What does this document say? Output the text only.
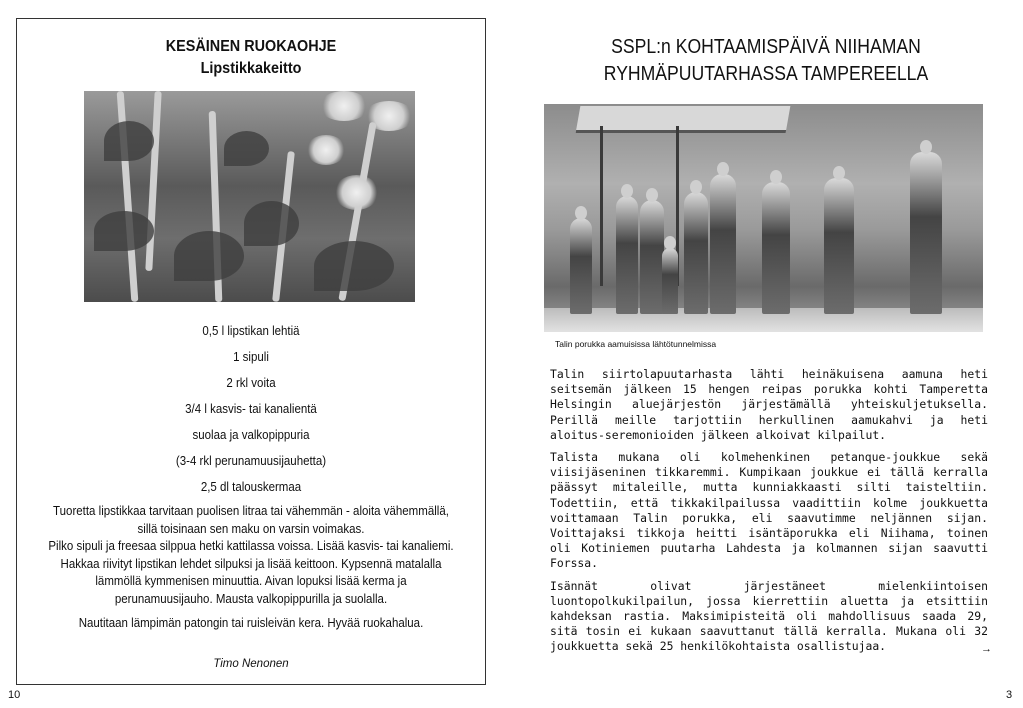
KESÄINEN RUOKAOHJE
Lipstikkakeitto
0,5 l lipstikan lehtiä
1 sipuli
2 rkl voita
3/4 l kasvis- tai kanalientä
suolaa ja valkopippuria
(3-4 rkl perunamuusijauhetta)
2,5 dl talouskermaa

Tuoretta lipstikkaa tarvitaan puolisen litraa tai vähemmän - aloita vähemmällä, sillä toisinaan sen maku on varsin voimakas.

Pilko sipuli ja freesaa silppua hetki kattilassa voissa. Lisää kasvis- tai kanaliemi. Hakkaa riivityt lipstikan lehdet silpuksi ja lisää keittoon. Kypsennä matalalla lämmöllä kymmenisen minuuttia. Aivan lopuksi lisää kerma ja perunamuusijauho. Mausta valkopippurilla ja suolalla.

Nautitaan lämpimän patongin tai ruisleivän kera. Hyvää ruokahalua.
Timo Nenonen
10
SSPL:n KOHTAAMISPÄIVÄ NIIHAMAN
RYHMÄPUUTARHASSA TAMPEREELLA
Talin porukka aamuisissa lähtötunnelmissa

Talin siirtolapuutarhasta lähti heinäkuisena aamuna heti seitsemän jälkeen 15 hengen reipas porukka kohti Tamperetta Helsingin aluejärjestön järjestämällä yhteiskuljetuksella. Perillä meille tarjottiin herkullinen aamukahvi ja heti aloitus-seremonioiden jälkeen alkoivat kilpailut.

Talista mukana oli kolmehenkinen petanque-joukkue sekä viisijäseninen tikkaremmi. Kumpikaan joukkue ei tällä kerralla päässyt mitaleille, mutta kunniakkaasti silti taisteltiin. Todettiin, että tikkakilpailussa vaadittiin kolme joukkuetta voittamaan Talin porukka, eli saavutimme neljännen sijan. Voittajaksi tikkoja heitti isäntäporukka eli Niihama, toinen oli Kotiniemen puutarha Lahdesta ja kolmannen sijan saavutti Forssa.

Isännät olivat järjestäneet mielenkiintoisen luontopolkukilpailun, jossa kierrettiin aluetta ja etsittiin kahdeksan rastia. Maksimipisteitä oli mahdollisuus saada 29, sitä tosin ei kukaan saavuttanut tällä kerralla. Mukana oli 32 joukkuetta sekä 25 henkilökohtaista osallistujaa.	→
3
